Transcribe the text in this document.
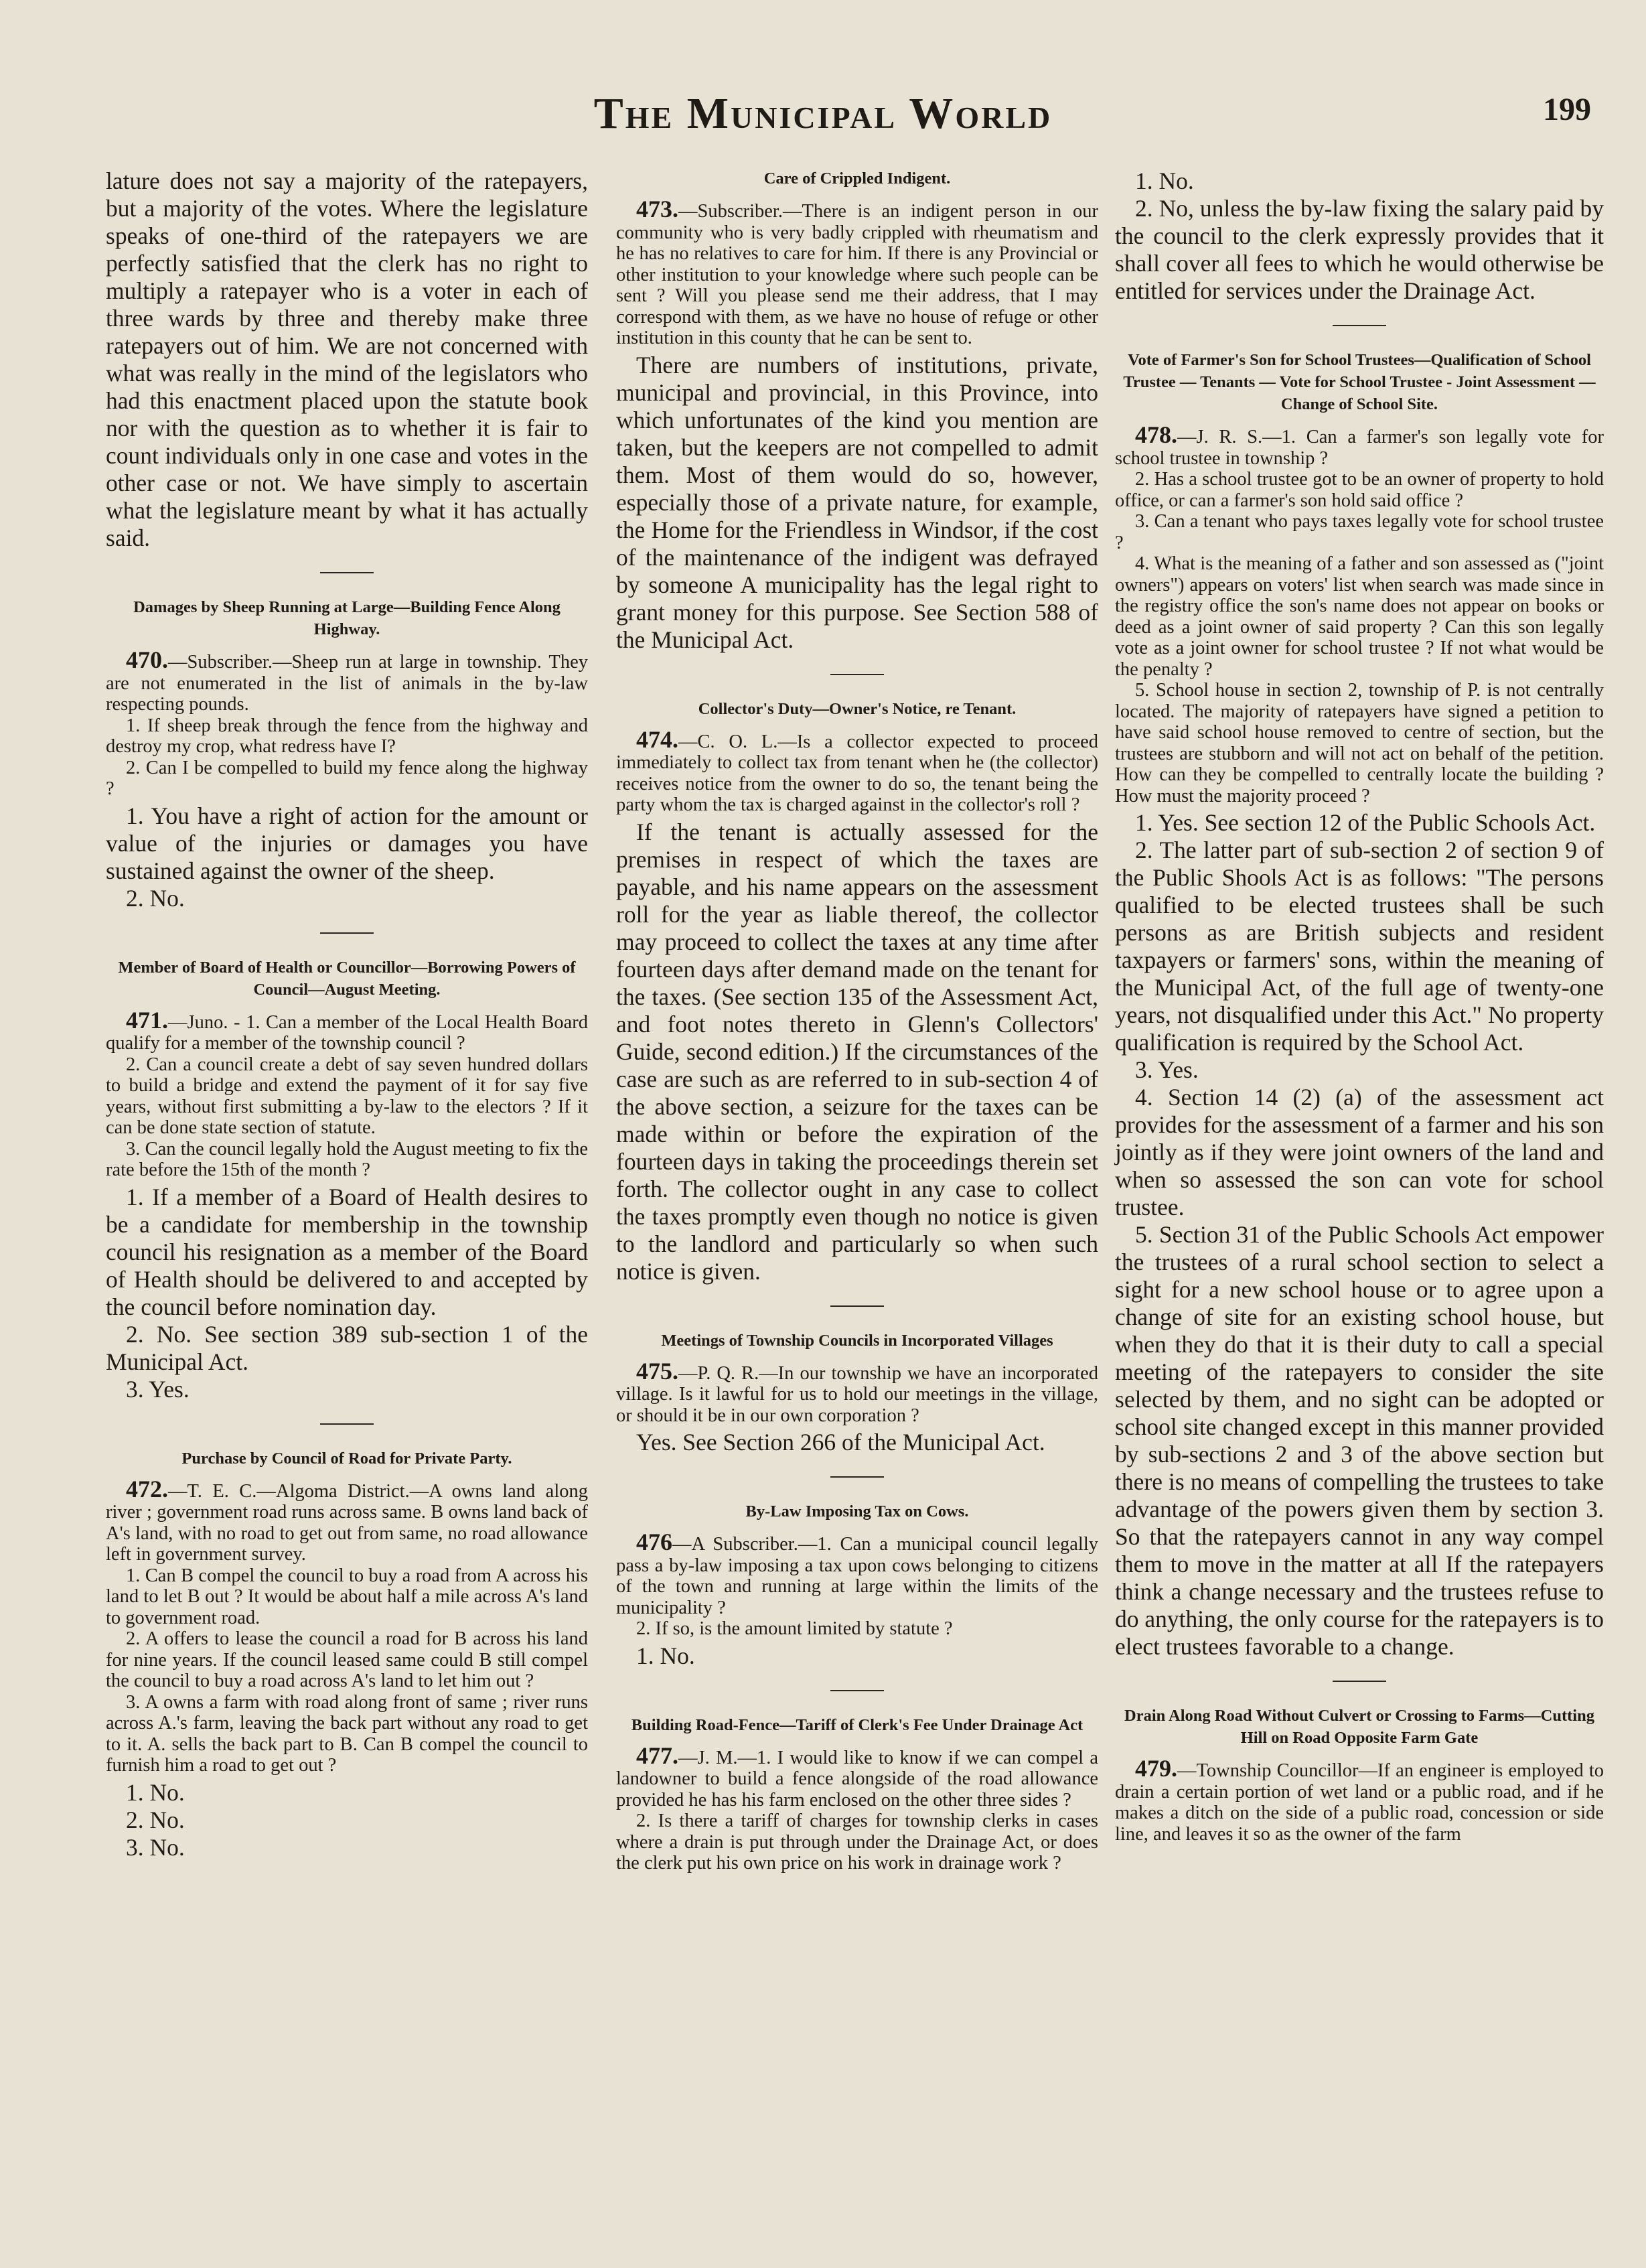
The Municipal World	199

lature does not say a majority of the ratepayers, but a majority of the votes. Where the legislature speaks of one-third of the ratepayers we are perfectly satisfied that the clerk has no right to multiply a ratepayer who is a voter in each of three wards by three and thereby make three ratepayers out of him. We are not concerned with what was really in the mind of the legislators who had this enactment placed upon the statute book nor with the question as to whether it is fair to count individuals only in one case and votes in the other case or not. We have simply to ascertain what the legislature meant by what it has actually said.

Damages by Sheep Running at Large—Building Fence Along Highway.

470.—Subscriber.—Sheep run at large in township. They are not enumerated in the list of animals in the by-law respecting pounds.

1. If sheep break through the fence from the highway and destroy my crop, what redress have I?

2. Can I be compelled to build my fence along the highway ?

1. You have a right of action for the amount or value of the injuries or damages you have sustained against the owner of the sheep.

2. No.

Member of Board of Health or Councillor—Borrowing Powers of Council—August Meeting.

471.—Juno. - 1. Can a member of the Local Health Board qualify for a member of the township council ?

2. Can a council create a debt of say seven hundred dollars to build a bridge and extend the payment of it for say five years, without first submitting a by-law to the electors ? If it can be done state section of statute.

3. Can the council legally hold the August meeting to fix the rate before the 15th of the month ?

1. If a member of a Board of Health desires to be a candidate for membership in the township council his resignation as a member of the Board of Health should be delivered to and accepted by the council before nomination day.

2. No. See section 389 sub-section 1 of the Municipal Act.

3. Yes.

Purchase by Council of Road for Private Party.

472.—T. E. C.—Algoma District.—A owns land along river ; government road runs across same. B owns land back of A's land, with no road to get out from same, no road allowance left in government survey.

1. Can B compel the council to buy a road from A across his land to let B out ? It would be about half a mile across A's land to government road.

2. A offers to lease the council a road for B across his land for nine years. If the council leased same could B still compel the council to buy a road across A's land to let him out ?

3. A owns a farm with road along front of same ; river runs across A.'s farm, leaving the back part without any road to get to it. A. sells the back part to B. Can B compel the council to furnish him a road to get out ?

1. No.

2. No.

3. No.

Care of Crippled Indigent.

473.—Subscriber.—There is an indigent person in our community who is very badly crippled with rheumatism and he has no relatives to care for him. If there is any Provincial or other institution to your knowledge where such people can be sent ? Will you please send me their address, that I may correspond with them, as we have no house of refuge or other institution in this county that he can be sent to.

There are numbers of institutions, private, municipal and provincial, in this Province, into which unfortunates of the kind you mention are taken, but the keepers are not compelled to admit them. Most of them would do so, however, especially those of a private nature, for example, the Home for the Friendless in Windsor, if the cost of the maintenance of the indigent was defrayed by someone A municipality has the legal right to grant money for this purpose. See Section 588 of the Municipal Act.

Collector's Duty—Owner's Notice, re Tenant.

474.—C. O. L.—Is a collector expected to proceed immediately to collect tax from tenant when he (the collector) receives notice from the owner to do so, the tenant being the party whom the tax is charged against in the collector's roll ?

If the tenant is actually assessed for the premises in respect of which the taxes are payable, and his name appears on the assessment roll for the year as liable thereof, the collector may proceed to collect the taxes at any time after fourteen days after demand made on the tenant for the taxes. (See section 135 of the Assessment Act, and foot notes thereto in Glenn's Collectors' Guide, second edition.) If the circumstances of the case are such as are referred to in sub-section 4 of the above section, a seizure for the taxes can be made within or before the expiration of the fourteen days in taking the proceedings therein set forth. The collector ought in any case to collect the taxes promptly even though no notice is given to the landlord and particularly so when such notice is given.

Meetings of Township Councils in Incorporated Villages

475.—P. Q. R.—In our township we have an incorporated village. Is it lawful for us to hold our meetings in the village, or should it be in our own corporation ?

Yes. See Section 266 of the Municipal Act.

By-Law Imposing Tax on Cows.

476—A Subscriber.—1. Can a municipal council legally pass a by-law imposing a tax upon cows belonging to citizens of the town and running at large within the limits of the municipality ?

2. If so, is the amount limited by statute ?

1. No.

Building Road-Fence—Tariff of Clerk's Fee Under Drainage Act

477.—J. M.—1. I would like to know if we can compel a landowner to build a fence alongside of the road allowance provided he has his farm enclosed on the other three sides ?

2. Is there a tariff of charges for township clerks in cases where a drain is put through under the Drainage Act, or does the clerk put his own price on his work in drainage work ?

1. No.

2. No, unless the by-law fixing the salary paid by the council to the clerk expressly provides that it shall cover all fees to which he would otherwise be entitled for services under the Drainage Act.

Vote of Farmer's Son for School Trustees—Qualification of School Trustee — Tenants — Vote for School Trustee - Joint Assessment — Change of School Site.

478.—J. R. S.—1. Can a farmer's son legally vote for school trustee in township ?

2. Has a school trustee got to be an owner of property to hold office, or can a farmer's son hold said office ?

3. Can a tenant who pays taxes legally vote for school trustee ?

4. What is the meaning of a father and son assessed as ("joint owners") appears on voters' list when search was made since in the registry office the son's name does not appear on books or deed as a joint owner of said property ? Can this son legally vote as a joint owner for school trustee ? If not what would be the penalty ?

5. School house in section 2, township of P. is not centrally located. The majority of ratepayers have signed a petition to have said school house removed to centre of section, but the trustees are stubborn and will not act on behalf of the petition. How can they be compelled to centrally locate the building ? How must the majority proceed ?

1. Yes. See section 12 of the Public Schools Act.

2. The latter part of sub-section 2 of section 9 of the Public Shools Act is as follows: "The persons qualified to be elected trustees shall be such persons as are British subjects and resident taxpayers or farmers' sons, within the meaning of the Municipal Act, of the full age of twenty-one years, not disqualified under this Act." No property qualification is required by the School Act.

3. Yes.

4. Section 14 (2) (a) of the assessment act provides for the assessment of a farmer and his son jointly as if they were joint owners of the land and when so assessed the son can vote for school trustee.

5. Section 31 of the Public Schools Act empower the trustees of a rural school section to select a sight for a new school house or to agree upon a change of site for an existing school house, but when they do that it is their duty to call a special meeting of the ratepayers to consider the site selected by them, and no sight can be adopted or school site changed except in this manner provided by sub-sections 2 and 3 of the above section but there is no means of compelling the trustees to take advantage of the powers given them by section 3. So that the ratepayers cannot in any way compel them to move in the matter at all If the ratepayers think a change necessary and the trustees refuse to do anything, the only course for the ratepayers is to elect trustees favorable to a change.

Drain Along Road Without Culvert or Crossing to Farms—Cutting Hill on Road Opposite Farm Gate

479.—Township Councillor—If an engineer is employed to drain a certain portion of wet land or a public road, and if he makes a ditch on the side of a public road, concession or side line, and leaves it so as the owner of the farm
